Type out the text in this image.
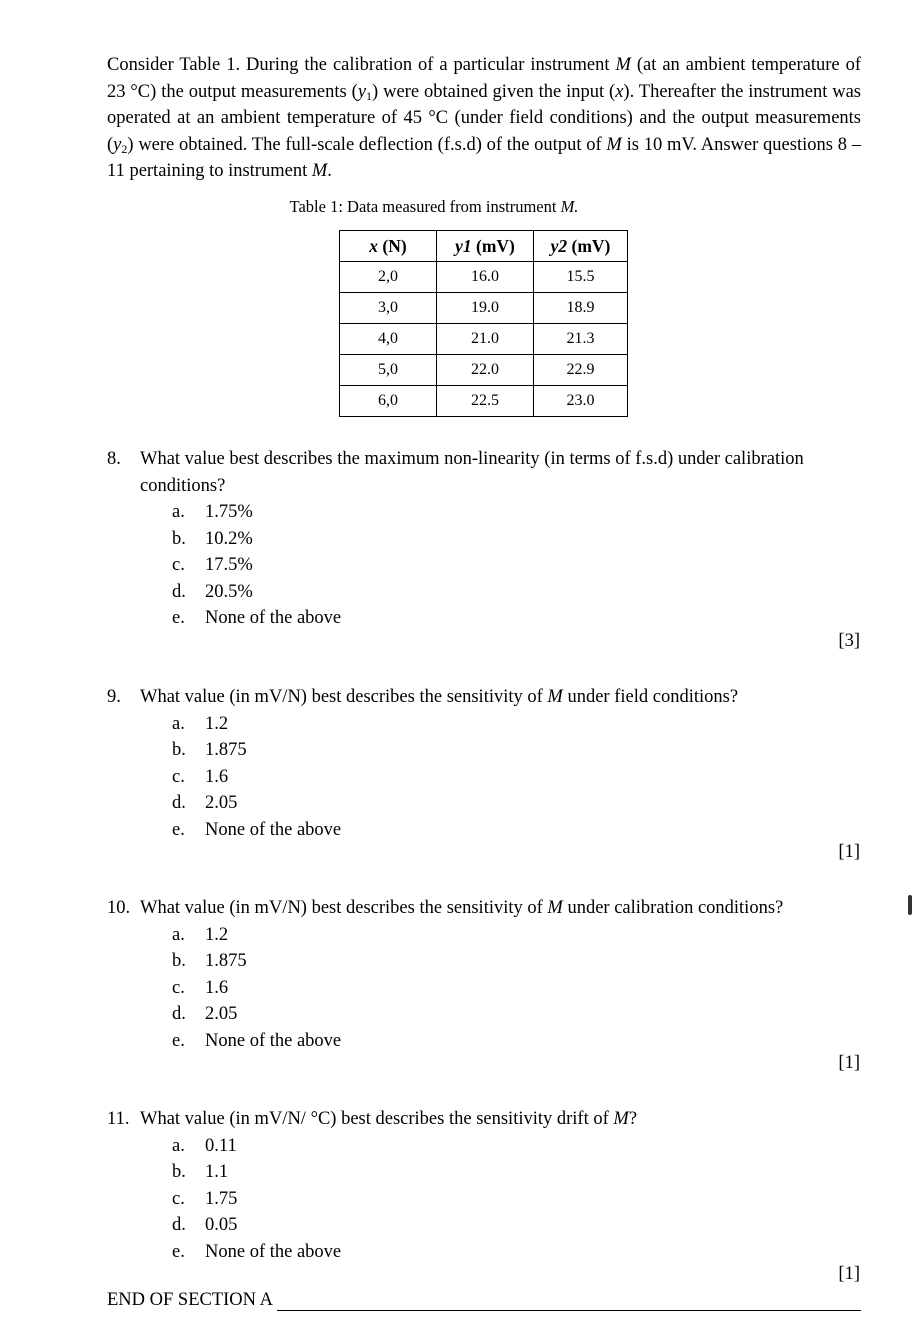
Consider Table 1. During the calibration of a particular instrument M (at an ambient temperature of 23 °C) the output measurements $(y_1)$ were obtained given the input (x). Thereafter the instrument was operated at an ambient temperature of 45 °C (under field conditions) and the output measurements $(y_2)$ were obtained. The full-scale deflection (f.s.d) of the output of M is 10 mV. Answer questions 8 –11 pertaining to instrument M.

Table 1: Data measured from instrument M.
x (N)	y1 (mV)	y2 (mV)
2,0	16.0	15.5
3,0	19.0	18.9
4,0	21.0	21.3
5,0	22.0	22.9
6,0	22.5	23.0
8.	What value best describes the maximum non-linearity (in terms of f.s.d) under calibration conditions?
a.	1.75%
b.	10.2%
c.	17.5%
d.	20.5%
e.	None of the above
[3]
9.	What value (in mV/N) best describes the sensitivity of M under field conditions?
a.	1.2
b.	1.875
c.	1.6
d.	2.05
e.	None of the above
[1]
10. What value (in mV/N) best describes the sensitivity of M under calibration conditions?
a.	1.2
b.	1.875
c.	1.6
d.	2.05
e.	None of the above
[1]
11. What value (in mV/N/ °C) best describes the sensitivity drift of M?
a.	0.11
b.	1.1
c.	1.75
d.	0.05
e.	None of the above
[1]
END OF SECTION A
